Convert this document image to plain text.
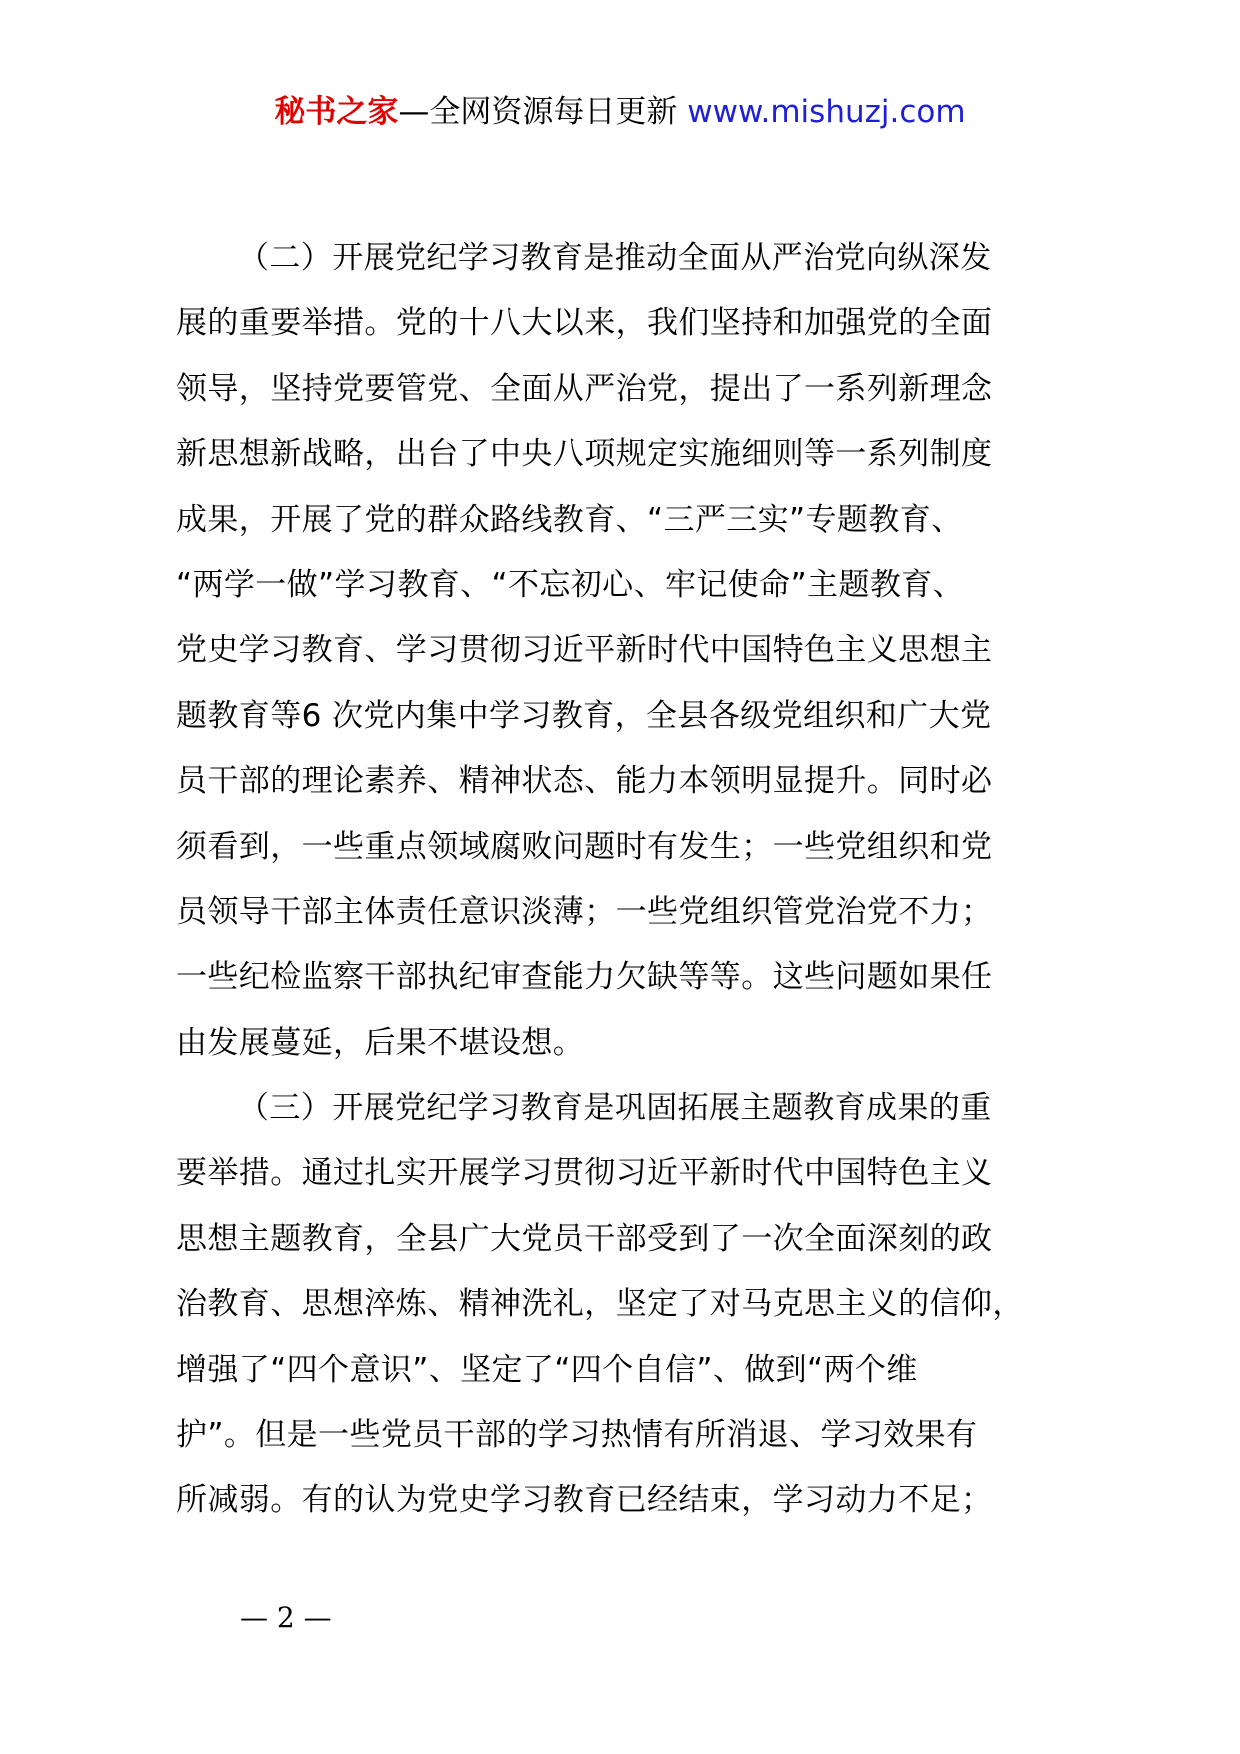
秘书之家—全网资源每日更新 www.mishuzj.com
（二）开展党纪学习教育是推动全面从严治党向纵深发
展的重要举措。党的十八大以来，我们坚持和加强党的全面
领导，坚持党要管党、全面从严治党，提出了一系列新理念
新思想新战略，出台了中央八项规定实施细则等一系列制度
成果，开展了党的群众路线教育、“三严三实”专题教育、
“两学一做”学习教育、“不忘初心、牢记使命”主题教育、
党史学习教育、学习贯彻习近平新时代中国特色主义思想主
题教育等6 次党内集中学习教育，全县各级党组织和广大党
员干部的理论素养、精神状态、能力本领明显提升。同时必
须看到，一些重点领域腐败问题时有发生；一些党组织和党
员领导干部主体责任意识淡薄；一些党组织管党治党不力；
一些纪检监察干部执纪审查能力欠缺等等。这些问题如果任
由发展蔓延，后果不堪设想。
（三）开展党纪学习教育是巩固拓展主题教育成果的重
要举措。通过扎实开展学习贯彻习近平新时代中国特色主义
思想主题教育，全县广大党员干部受到了一次全面深刻的政
治教育、思想淬炼、精神洗礼，坚定了对马克思主义的信仰，
增强了“四个意识”、坚定了“四个自信”、做到“两个维
护”。但是一些党员干部的学习热情有所消退、学习效果有
所减弱。有的认为党史学习教育已经结束，学习动力不足；
— 2 —
